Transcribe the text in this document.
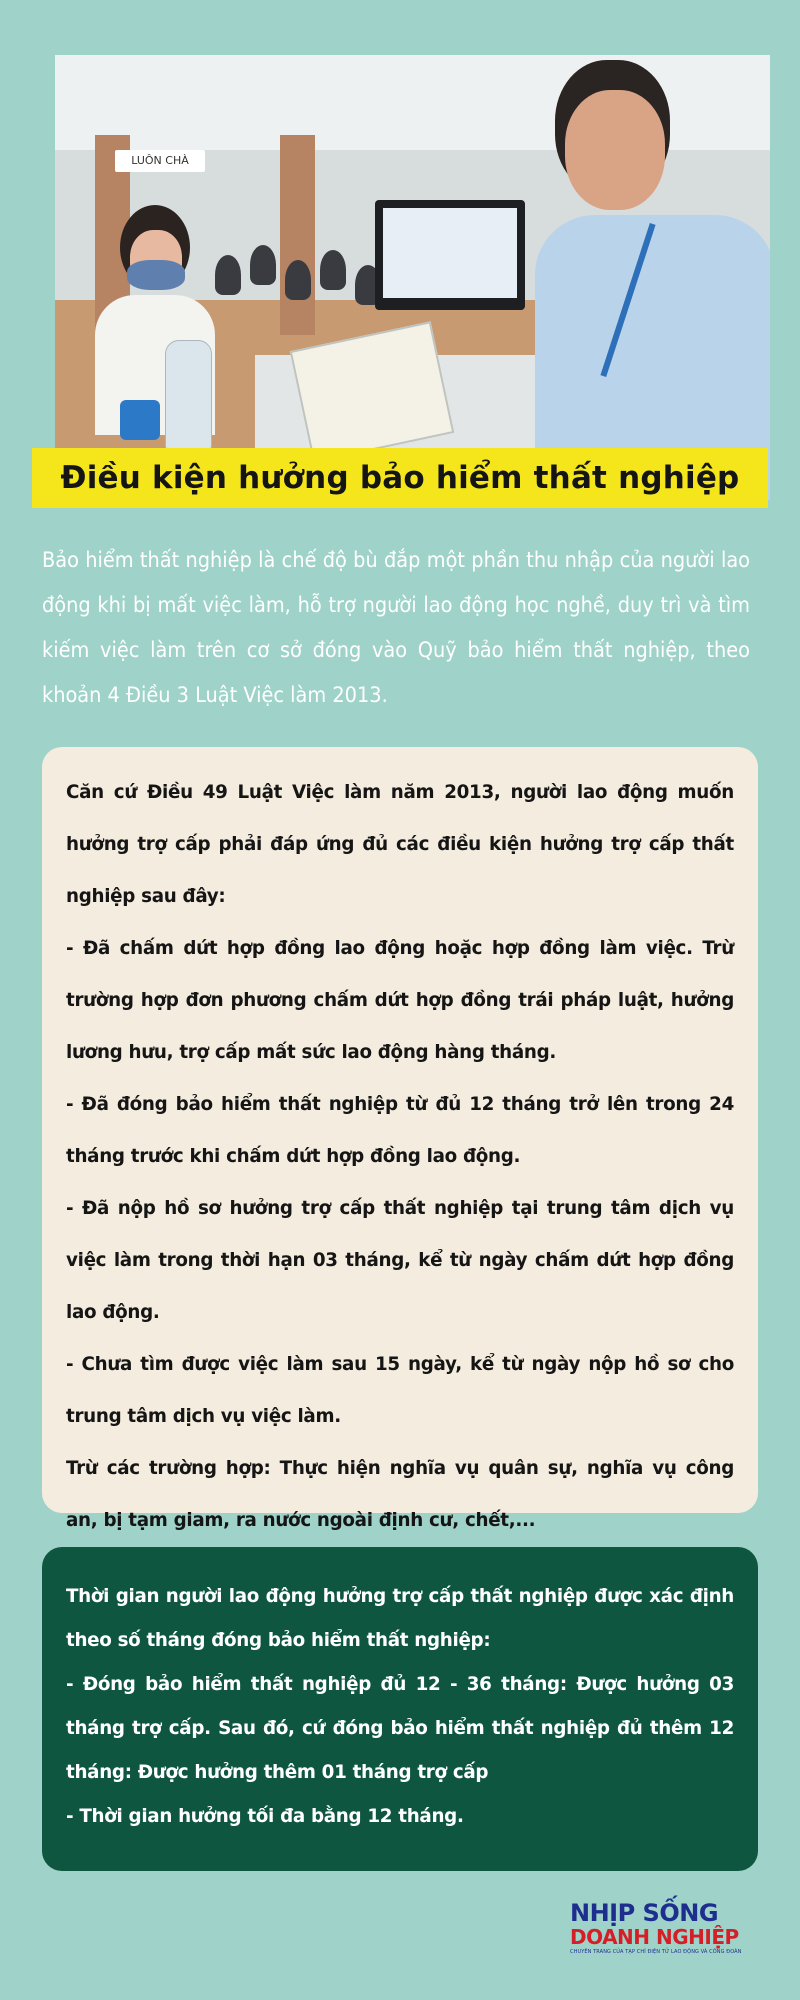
LUÔN CHÀ
Điều kiện hưởng bảo hiểm thất nghiệp

Bảo hiểm thất nghiệp là chế độ bù đắp một phần thu nhập của người lao động khi bị mất việc làm, hỗ trợ người lao động học nghề, duy trì và tìm kiếm việc làm trên cơ sở đóng vào Quỹ bảo hiểm thất nghiệp, theo khoản 4 Điều 3 Luật Việc làm 2013.

Căn cứ Điều 49 Luật Việc làm năm 2013, người lao động muốn hưởng trợ cấp phải đáp ứng đủ các điều kiện hưởng trợ cấp thất nghiệp sau đây:

- Đã chấm dứt hợp đồng lao động hoặc hợp đồng làm việc. Trừ trường hợp đơn phương chấm dứt hợp đồng trái pháp luật, hưởng lương hưu, trợ cấp mất sức lao động hàng tháng.

- Đã đóng bảo hiểm thất nghiệp từ đủ 12 tháng trở lên trong 24 tháng trước khi chấm dứt hợp đồng lao động.

- Đã nộp hồ sơ hưởng trợ cấp thất nghiệp tại trung tâm dịch vụ việc làm trong thời hạn 03 tháng, kể từ ngày chấm dứt hợp đồng lao động.

- Chưa tìm được việc làm sau 15 ngày, kể từ ngày nộp hồ sơ cho trung tâm dịch vụ việc làm.

Trừ các trường hợp: Thực hiện nghĩa vụ quân sự, nghĩa vụ công an, bị tạm giam, ra nước ngoài định cư, chết,...

Thời gian người lao động hưởng trợ cấp thất nghiệp được xác định theo số tháng đóng bảo hiểm thất nghiệp:

- Đóng bảo hiểm thất nghiệp đủ 12 - 36 tháng: Được hưởng 03 tháng trợ cấp. Sau đó, cứ đóng bảo hiểm thất nghiệp đủ thêm 12 tháng: Được hưởng thêm 01 tháng trợ cấp

- Thời gian hưởng tối đa bằng 12 tháng.

NHỊP SỐNG
DOANH NGHIỆP
CHUYÊN TRANG CỦA TẠP CHÍ ĐIỆN TỬ LAO ĐỘNG VÀ CÔNG ĐOÀN
